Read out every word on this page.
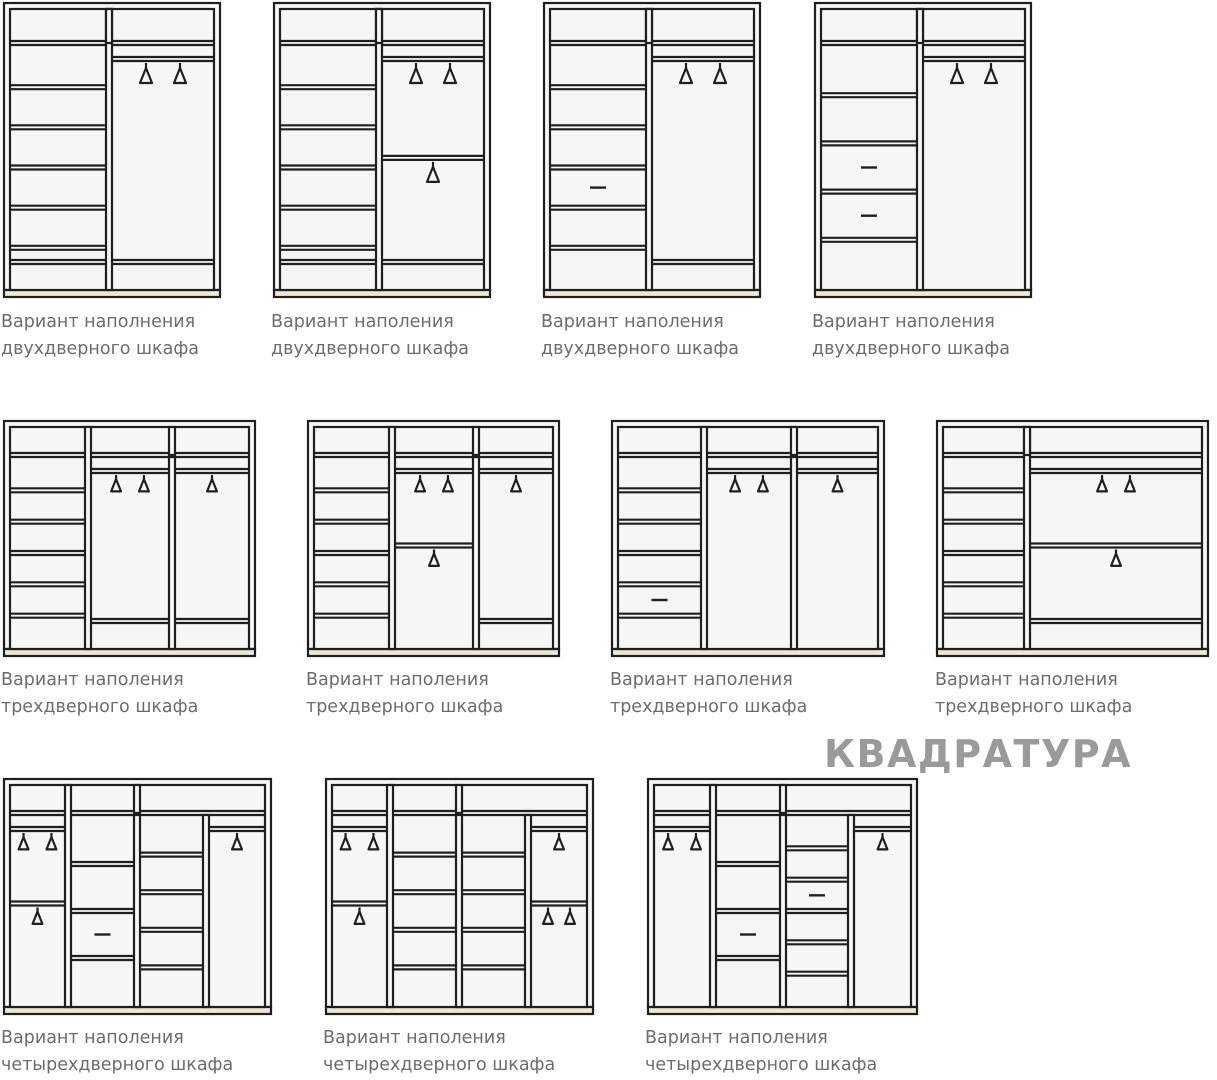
Вариант наполнения
двухдверного шкафа
Вариант наполения
двухдверного шкафа
Вариант наполения
двухдверного шкафа
Вариант наполения
двухдверного шкафа
Вариант наполения
трехдверного шкафа
Вариант наполения
трехдверного шкафа
Вариант наполения
трехдверного шкафа
Вариант наполения
трехдверного шкафа
Вариант наполения
четырехдверного шкафа
Вариант наполения
четырехдверного шкафа
Вариант наполения
четырехдверного шкафа
КВАДРАТУРА
